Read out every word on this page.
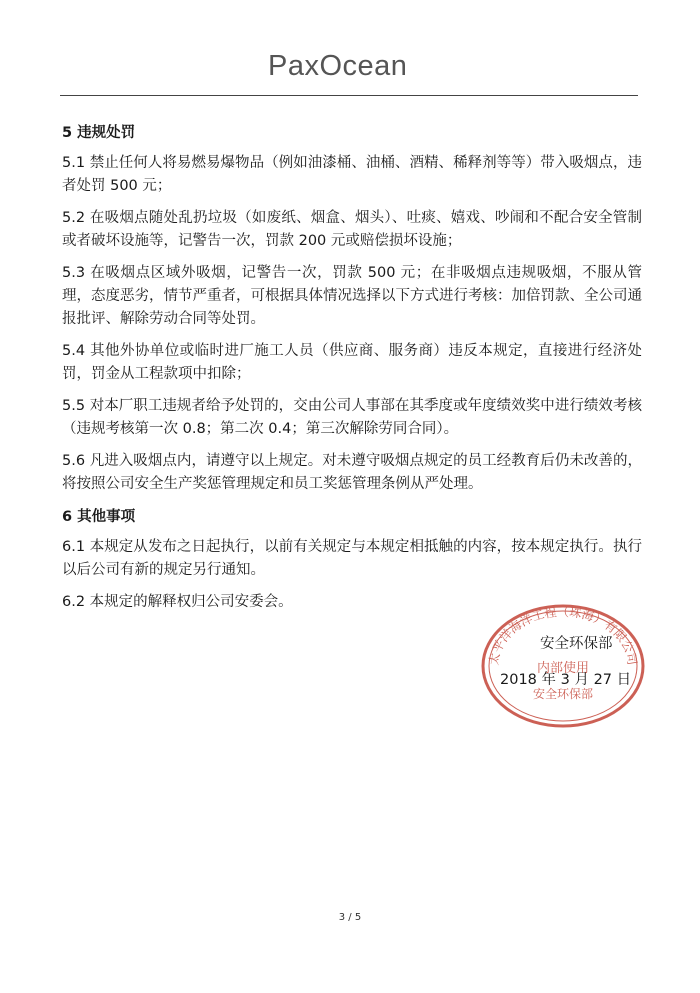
PaxOcean
5 违规处罚
5.1 禁止任何人将易燃易爆物品（例如油漆桶、油桶、酒精、稀释剂等等）带入吸烟点，违者处罚 500 元；
5.2 在吸烟点随处乱扔垃圾（如废纸、烟盒、烟头）、吐痰、嬉戏、吵闹和不配合安全管制或者破坏设施等，记警告一次，罚款 200 元或赔偿损坏设施；
5.3 在吸烟点区域外吸烟，记警告一次，罚款 500 元；在非吸烟点违规吸烟，不服从管理，态度恶劣，情节严重者，可根据具体情况选择以下方式进行考核：加倍罚款、全公司通报批评、解除劳动合同等处罚。
5.4 其他外协单位或临时进厂施工人员（供应商、服务商）违反本规定，直接进行经济处罚，罚金从工程款项中扣除；
5.5 对本厂职工违规者给予处罚的，交由公司人事部在其季度或年度绩效奖中进行绩效考核（违规考核第一次 0.8；第二次 0.4；第三次解除劳同合同）。
5.6 凡进入吸烟点内，请遵守以上规定。对未遵守吸烟点规定的员工经教育后仍未改善的，将按照公司安全生产奖惩管理规定和员工奖惩管理条例从严处理。
6 其他事项
6.1 本规定从发布之日起执行，以前有关规定与本规定相抵触的内容，按本规定执行。执行以后公司有新的规定另行通知。
6.2 本规定的解释权归公司安委会。
安全环保部
2018 年 3 月 27 日
太平洋海洋工程（珠海）有限公司
内部使用
安全环保部
3 / 5
